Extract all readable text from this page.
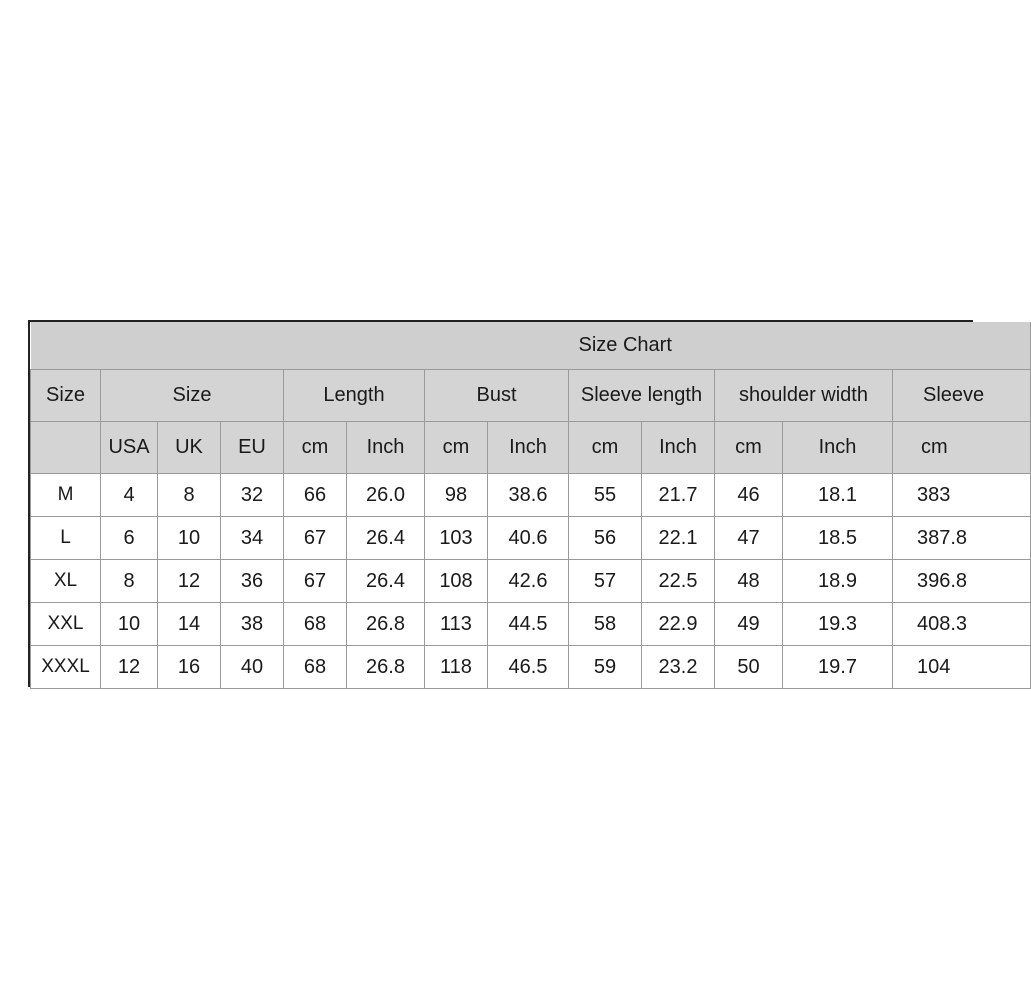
Size Chart												
Size	Size			Length		Bust		Sleeve length		shoulder width		Sleeve
	USA	UK	EU	cm	Inch	cm	Inch	cm	Inch	cm	Inch	cm
M	4	8	32	66	26.0	98	38.6	55	21.7	46	18.1	383
L	6	10	34	67	26.4	103	40.6	56	22.1	47	18.5	387.8
XL	8	12	36	67	26.4	108	42.6	57	22.5	48	18.9	396.8
XXL	10	14	38	68	26.8	113	44.5	58	22.9	49	19.3	408.3
XXXL	12	16	40	68	26.8	118	46.5	59	23.2	50	19.7	104
